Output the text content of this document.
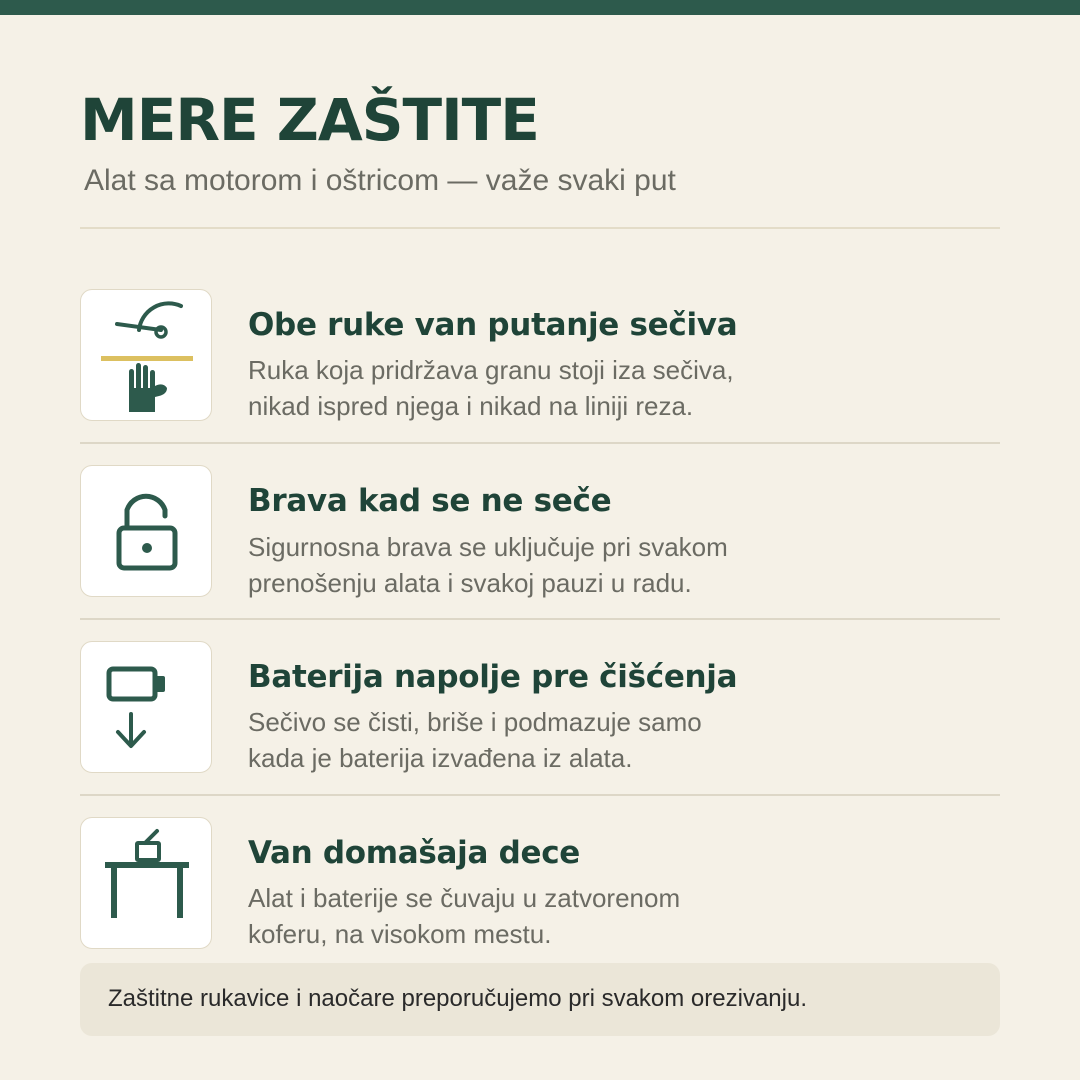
MERE ZAŠTITE
Alat sa motorom i oštricom — važe svaki put
Obe ruke van putanje sečiva
Ruka koja pridržava granu stoji iza sečiva,
nikad ispred njega i nikad na liniji reza.
Brava kad se ne seče
Sigurnosna brava se uključuje pri svakom
prenošenju alata i svakoj pauzi u radu.
Baterija napolje pre čišćenja
Sečivo se čisti, briše i podmazuje samo
kada je baterija izvađena iz alata.
Van domašaja dece
Alat i baterije se čuvaju u zatvorenom
koferu, na visokom mestu.
Zaštitne rukavice i naočare preporučujemo pri svakom orezivanju.
